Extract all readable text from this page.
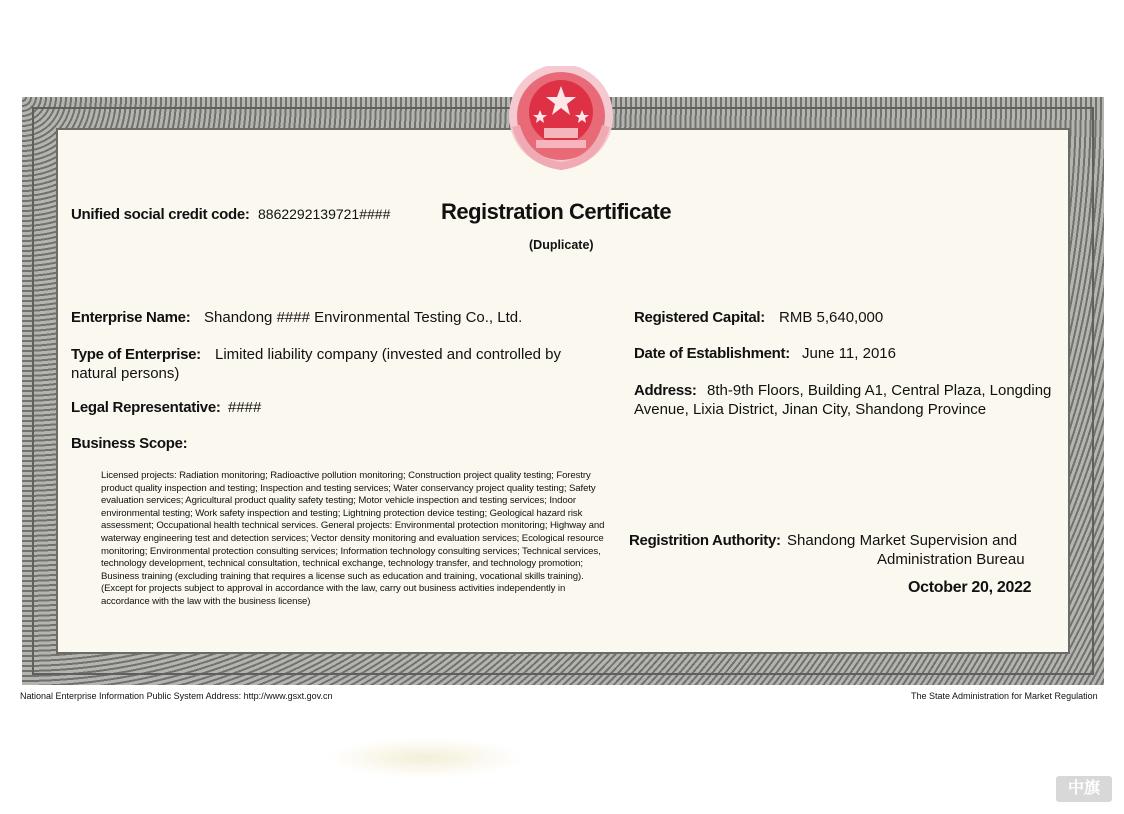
Unified social credit code: 8862292139721#### Registration Certificate
(Duplicate)
Enterprise Name: Shandong #### Environmental Testing Co., Ltd.
Type of Enterprise: Limited liability company (invested and controlled by
natural persons)
Legal Representative: ####
Business Scope:
Licensed projects: Radiation monitoring; Radioactive pollution monitoring; Construction project quality testing; Forestry product quality inspection and testing; Inspection and testing services; Water conservancy project quality testing; Safety evaluation services; Agricultural product quality safety testing; Motor vehicle inspection and testing services; Indoor environmental testing; Work safety inspection and testing; Lightning protection device testing; Geological hazard risk assessment; Occupational health technical services. General projects: Environmental protection monitoring; Highway and waterway engineering test and detection services; Vector density monitoring and evaluation services; Ecological resource monitoring; Environmental protection consulting services; Information technology consulting services; Technical services, technology development, technical consultation, technical exchange, technology transfer, and technology promotion; Business training (excluding training that requires a license such as education and training, vocational skills training). (Except for projects subject to approval in accordance with the law, carry out business activities independently in accordance with the law with the business license)
Registered Capital: RMB 5,640,000
Date of Establishment: June 11, 2016
Address: 8th-9th Floors, Building A1, Central Plaza, Longding
Avenue, Lixia District, Jinan City, Shandong Province
Registrition Authority: Shandong Market Supervision and
Administration Bureau
October 20, 2022
National Enterprise Information Public System Address: http://www.gsxt.gov.cn	The State Administration for Market Regulation
中旗
